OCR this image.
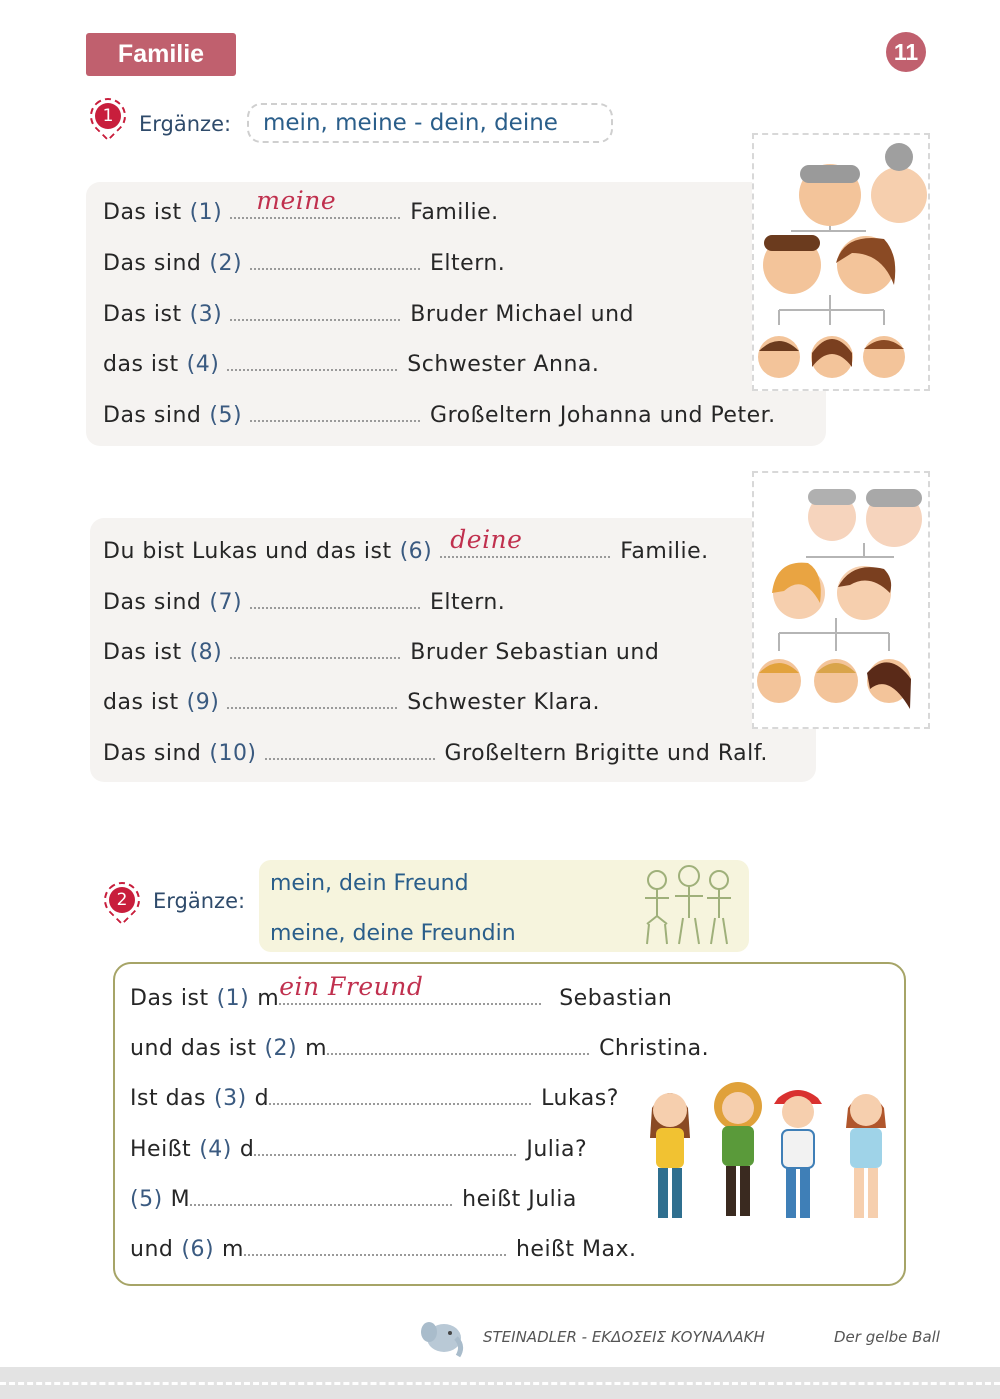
Familie	11
1	Ergänze:	mein, meine - dein, deine
Das ist (1) meine	Familie.
Das sind (2)	Eltern.
Das ist (3)	Bruder Michael und
das ist (4)	Schwester Anna.
Das sind (5)	Großeltern Johanna und Peter.
Du bist Lukas und das ist (6) deine	Familie.
Das sind (7)	Eltern.
Das ist (8)	Bruder Sebastian und
das ist (9)	Schwester Klara.
Das sind (10)	Großeltern Brigitte und Ralf.
2	Ergänze:
mein, dein Freund
meine, deine Freundin
Das ist (1) m ein Freund	Sebastian
und das ist (2) m	Christina.
Ist das (3) d	Lukas?
Heißt (4) d	Julia?
(5) M	heißt Julia
und (6) m	heißt Max.
STEINADLER - ΕΚΔΟΣΕΙΣ ΚΟΥΝΑΛΑΚΗ	Der gelbe Ball
